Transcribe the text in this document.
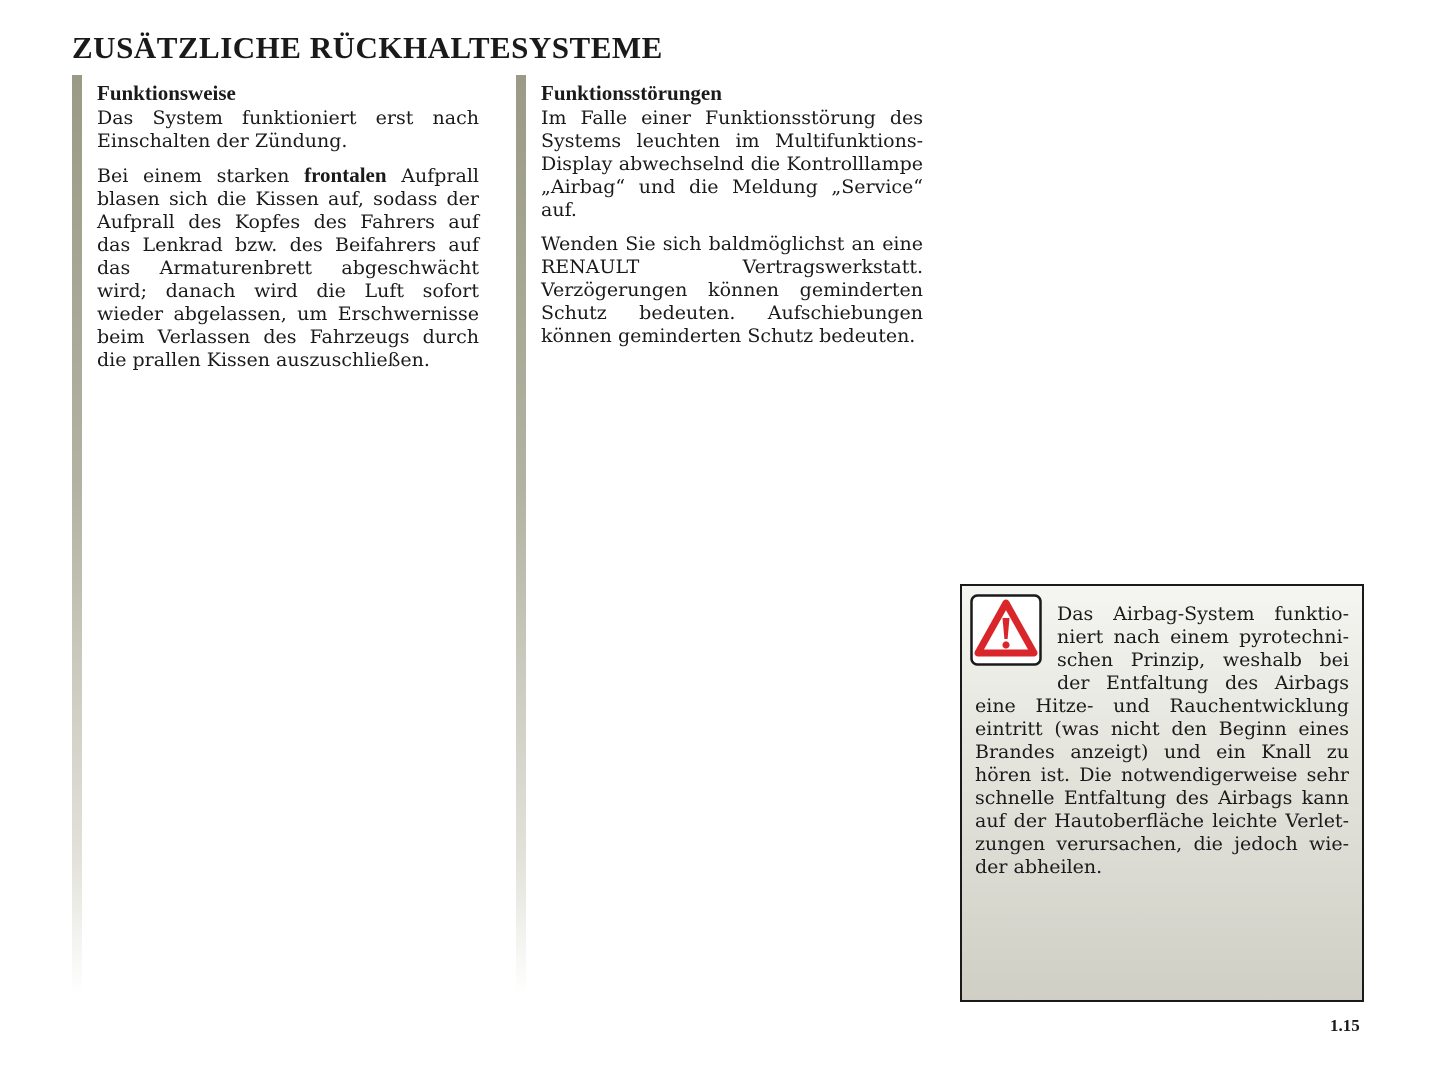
ZUSÄTZLICHE RÜCKHALTESYSTEME

Funktionsweise

Das System funktioniert erst nach Einschalten der Zündung.

Bei einem starken frontalen Aufprall blasen sich die Kissen auf, sodass der Aufprall des Kopfes des Fahrers auf das Lenkrad bzw. des Beifahrers auf das Armaturenbrett abgeschwächt wird; danach wird die Luft sofort wieder abgelassen, um Erschwernisse beim Verlassen des Fahrzeugs durch die prallen Kissen auszuschließen.

Funktionsstörungen

Im Falle einer Funktionsstörung des Systems leuchten im Multifunktions-Display abwechselnd die Kontrolllampe „Airbag“ und die Meldung „Service“ auf.

Wenden Sie sich baldmöglichst an eine RENAULT Vertragswerkstatt. Verzögerungen können geminderten Schutz bedeuten. Aufschiebungen können geminderten Schutz bedeuten.

Das Airbag-System funktioniert nach einem pyrotechnischen Prinzip, weshalb bei der Entfaltung des Airbags eine Hitze- und Rauchentwicklung eintritt (was nicht den Beginn eines Brandes anzeigt) und ein Knall zu hören ist. Die notwendigerweise sehr schnelle Entfaltung des Airbags kann auf der Hautoberfläche leichte Verletzungen verursachen, die jedoch wieder abheilen.

1.15
